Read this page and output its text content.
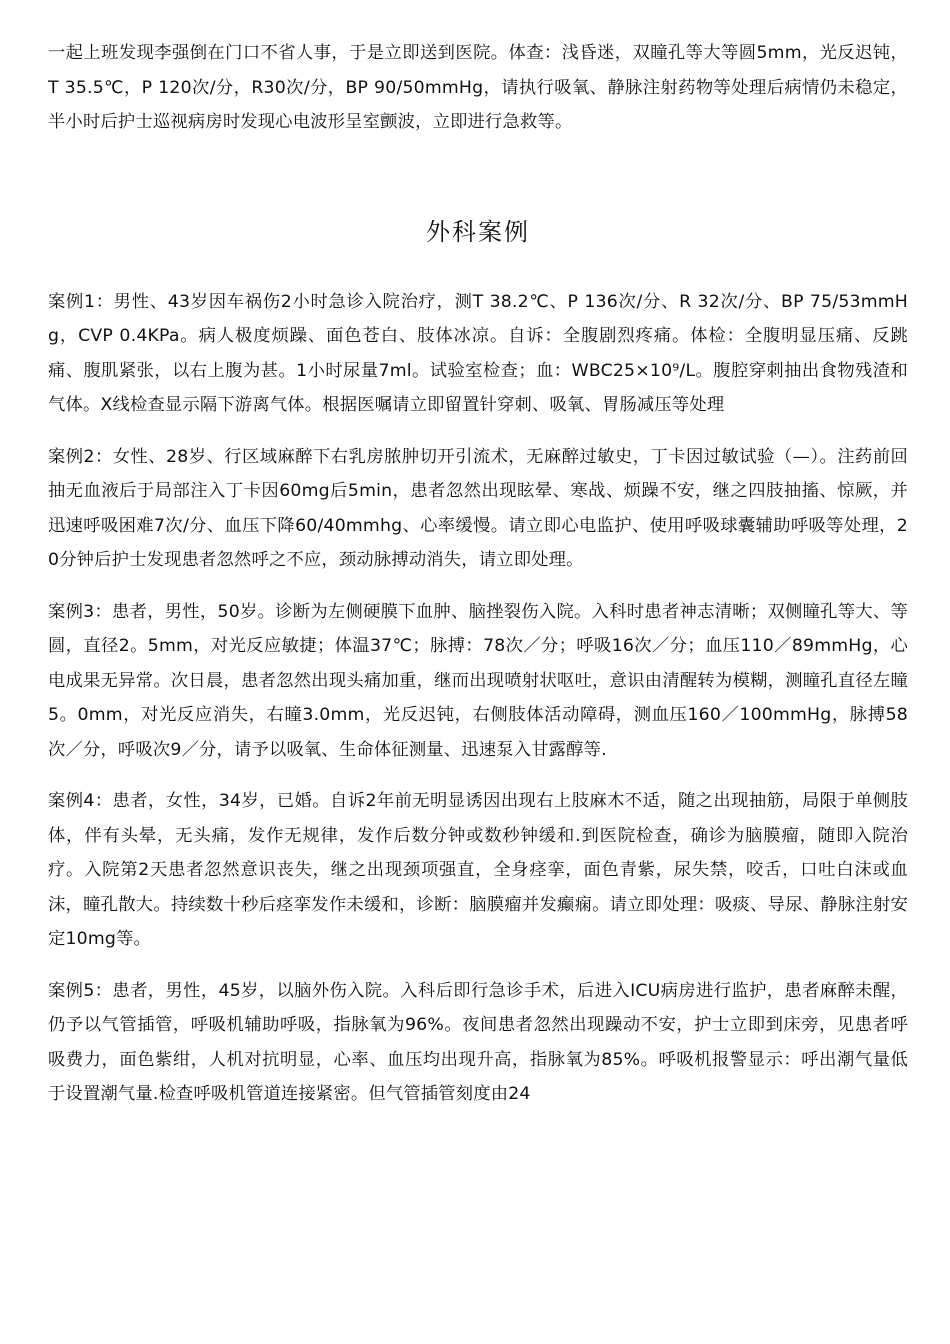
一起上班发现李强倒在门口不省人事，于是立即送到医院。体查：浅昏迷，双瞳孔等大等圆5mm，光反迟钝，T 35.5℃，P 120次/分，R30次/分，BP 90/50mmHg，请执行吸氧、静脉注射药物等处理后病情仍未稳定，半小时后护士巡视病房时发现心电波形呈室颤波，立即进行急救等。

外科案例

案例1：男性、43岁因车祸伤2小时急诊入院治疗，测T 38.2℃、P 136次/分、R 32次/分、BP 75/53mmHg，CVP 0.4KPa。病人极度烦躁、面色苍白、肢体冰凉。自诉：全腹剧烈疼痛。体检：全腹明显压痛、反跳痛、腹肌紧张，以右上腹为甚。1小时尿量7ml。试验室检查；血：WBC25×10⁹/L。腹腔穿刺抽出食物残渣和气体。X线检查显示隔下游离气体。根据医嘱请立即留置针穿刺、吸氧、胃肠减压等处理

案例2：女性、28岁、行区域麻醉下右乳房脓肿切开引流术，无麻醉过敏史，丁卡因过敏试验（—）。注药前回抽无血液后于局部注入丁卡因60mg后5min，患者忽然出现眩晕、寒战、烦躁不安，继之四肢抽搐、惊厥，并迅速呼吸困难7次/分、血压下降60/40mmhg、心率缓慢。请立即心电监护、使用呼吸球囊辅助呼吸等处理，20分钟后护士发现患者忽然呼之不应，颈动脉搏动消失，请立即处理。

案例3：患者，男性，50岁。诊断为左侧硬膜下血肿、脑挫裂伤入院。入科时患者神志清晰；双侧瞳孔等大、等圆，直径2。5mm，对光反应敏捷；体温37℃；脉搏：78次／分；呼吸16次／分；血压110／89mmHg，心电成果无异常。次日晨，患者忽然出现头痛加重，继而出现喷射状呕吐，意识由清醒转为模糊，测瞳孔直径左瞳5。0mm，对光反应消失，右瞳3.0mm，光反迟钝，右侧肢体活动障碍，测血压160／100mmHg，脉搏58次／分，呼吸次9／分，请予以吸氧、生命体征测量、迅速泵入甘露醇等.

案例4：患者，女性，34岁，已婚。自诉2年前无明显诱因出现右上肢麻木不适，随之出现抽筋，局限于单侧肢体，伴有头晕，无头痛，发作无规律，发作后数分钟或数秒钟缓和.到医院检查，确诊为脑膜瘤，随即入院治疗。入院第2天患者忽然意识丧失，继之出现颈项强直，全身痉挛，面色青紫，尿失禁，咬舌，口吐白沫或血沫，瞳孔散大。持续数十秒后痉挛发作未缓和，诊断：脑膜瘤并发癫痫。请立即处理：吸痰、导尿、静脉注射安定10mg等。

案例5：患者，男性，45岁，以脑外伤入院。入科后即行急诊手术，后进入ICU病房进行监护，患者麻醉未醒，仍予以气管插管，呼吸机辅助呼吸，指脉氧为96%。夜间患者忽然出现躁动不安，护士立即到床旁，见患者呼吸费力，面色紫绀，人机对抗明显，心率、血压均出现升高，指脉氧为85%。呼吸机报警显示：呼出潮气量低于设置潮气量.检查呼吸机管道连接紧密。但气管插管刻度由24
